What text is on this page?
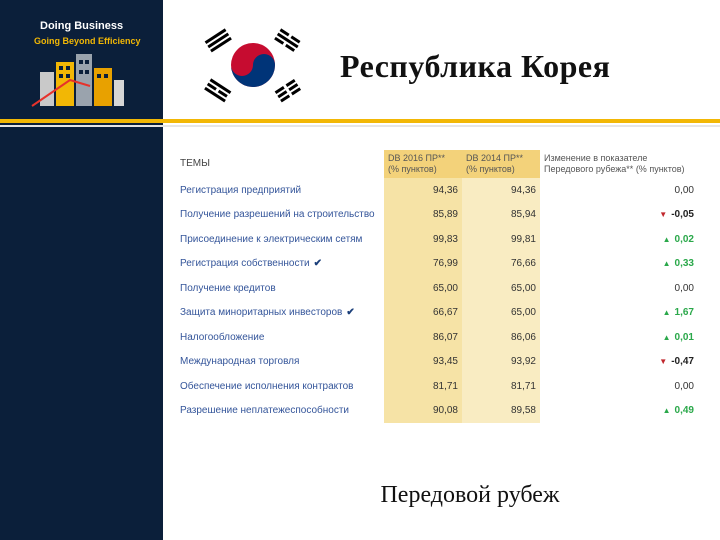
Doing Business
Going Beyond Efficiency
Республика Корея
ТЕМЫ	DB 2016 ПР** (% пунктов)	DB 2014 ПР** (% пунктов)	Изменение в показателе Передового рубежа** (% пунктов)
Регистрация предприятий	94,36	94,36	0,00
Получение разрешений на строительство	85,89	85,94	▼ -0,05
Присоединение к электрическим сетям	99,83	99,81	▲ 0,02
Регистрация собственности ✔	76,99	76,66	▲ 0,33
Получение кредитов	65,00	65,00	0,00
Защита миноритарных инвесторов ✔	66,67	65,00	▲ 1,67
Налогообложение	86,07	86,06	▲ 0,01
Международная торговля	93,45	93,92	▼ -0,47
Обеспечение исполнения контрактов	81,71	81,71	0,00
Разрешение неплатежеспособности	90,08	89,58	▲ 0,49
Передовой рубеж
